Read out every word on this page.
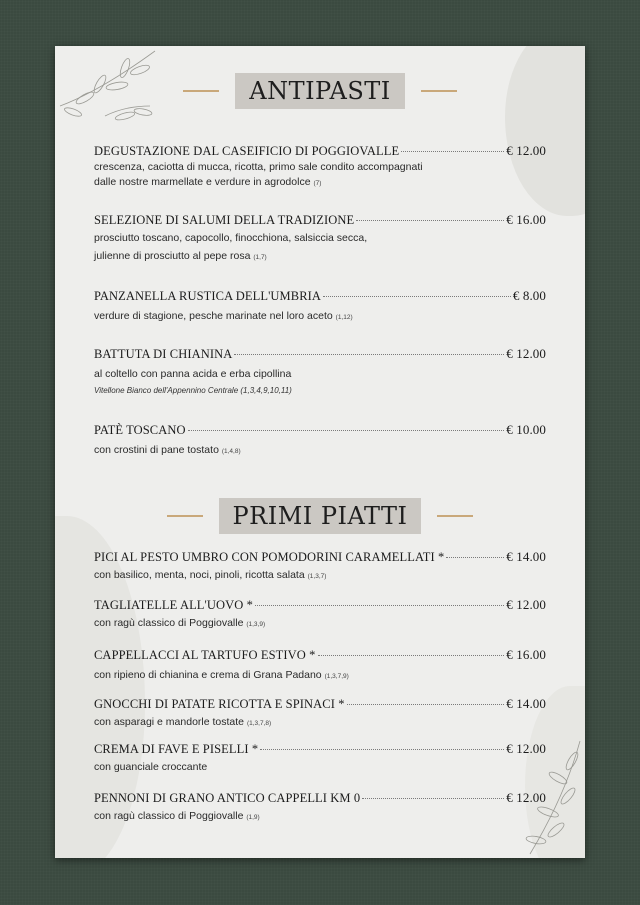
ANTIPASTI
DEGUSTAZIONE DAL CASEIFICIO DI POGGIOVALLE	€ 12.00
crescenza, caciotta di mucca, ricotta, primo sale condito accompagnati
dalle nostre marmellate e verdure in agrodolce (7)
SELEZIONE DI SALUMI DELLA TRADIZIONE	€ 16.00
prosciutto toscano, capocollo, finocchiona, salsiccia secca,
julienne di prosciutto al pepe rosa (1,7)
PANZANELLA RUSTICA DELL'UMBRIA	€ 8.00
verdure di stagione, pesche marinate nel loro aceto (1,12)
BATTUTA DI CHIANINA	€ 12.00
al coltello con panna acida e erba cipollina
Vitellone Bianco dell'Appennino Centrale (1,3,4,9,10,11)
PATÈ TOSCANO	€ 10.00
con crostini di pane tostato (1,4,8)
PRIMI PIATTI
PICI AL PESTO UMBRO CON POMODORINI CARAMELLATI *	€ 14.00
con basilico, menta, noci, pinoli, ricotta salata (1,3,7)
TAGLIATELLE ALL'UOVO *	€ 12.00
con ragù classico di Poggiovalle (1,3,9)
CAPPELLACCI AL TARTUFO ESTIVO *	€ 16.00
con ripieno di chianina e crema di Grana Padano (1,3,7,9)
GNOCCHI DI PATATE RICOTTA E SPINACI *	€ 14.00
con asparagi e mandorle tostate (1,3,7,8)
CREMA DI FAVE E PISELLI *	€ 12.00
con guanciale croccante
PENNONI DI GRANO ANTICO CAPPELLI KM 0	€ 12.00
con ragù classico di Poggiovalle (1,9)
